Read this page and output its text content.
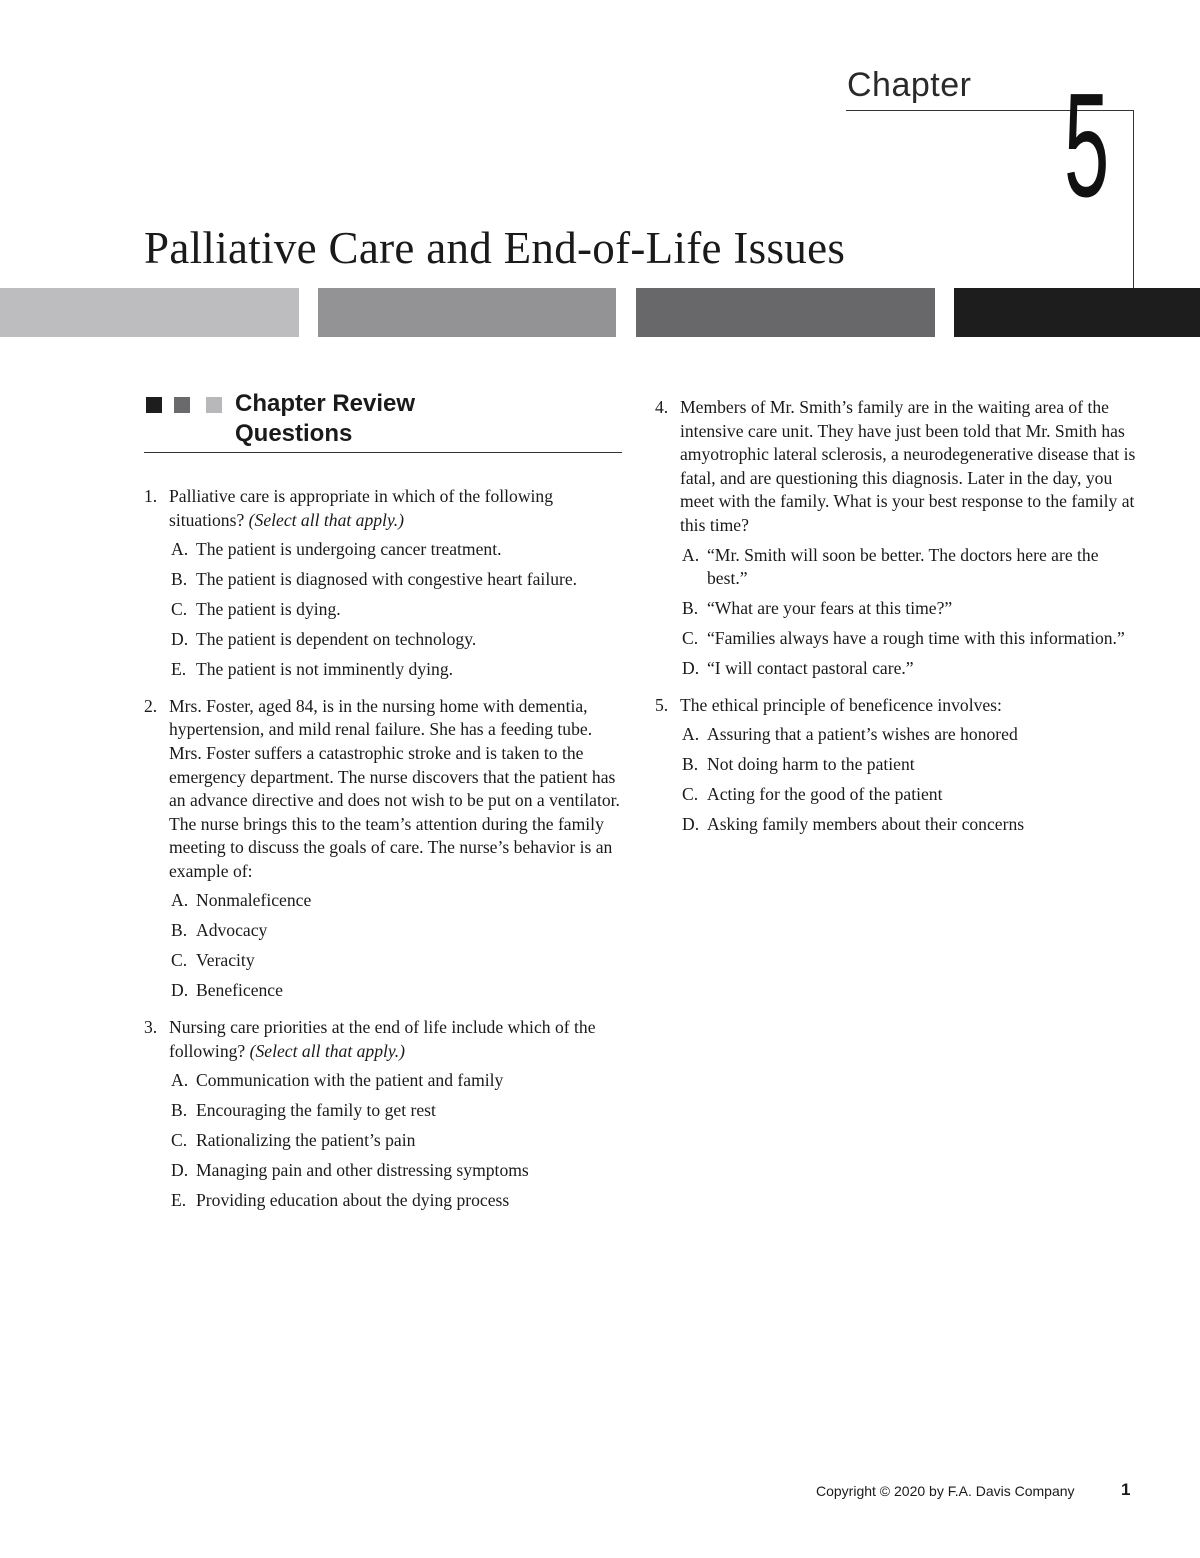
Chapter 5
Palliative Care and End-of-Life Issues
Chapter Review
Questions
1. Palliative care is appropriate in which of the following situations? (Select all that apply.)
A. The patient is undergoing cancer treatment.
B. The patient is diagnosed with congestive heart failure.
C. The patient is dying.
D. The patient is dependent on technology.
E. The patient is not imminently dying.
2. Mrs. Foster, aged 84, is in the nursing home with dementia, hypertension, and mild renal failure. She has a feeding tube. Mrs. Foster suffers a catastrophic stroke and is taken to the emergency department. The nurse discovers that the patient has an advance directive and does not wish to be put on a ventilator. The nurse brings this to the team’s attention during the family meeting to discuss the goals of care. The nurse’s behavior is an example of:
A. Nonmaleficence
B. Advocacy
C. Veracity
D. Beneficence
3. Nursing care priorities at the end of life include which of the following? (Select all that apply.)
A. Communication with the patient and family
B. Encouraging the family to get rest
C. Rationalizing the patient’s pain
D. Managing pain and other distressing symptoms
E. Providing education about the dying process
4. Members of Mr. Smith’s family are in the waiting area of the intensive care unit. They have just been told that Mr. Smith has amyotrophic lateral sclerosis, a neurodegenerative disease that is fatal, and are questioning this diagnosis. Later in the day, you meet with the family. What is your best response to the family at this time?
A. “Mr. Smith will soon be better. The doctors here are the best.”
B. “What are your fears at this time?”
C. “Families always have a rough time with this information.”
D. “I will contact pastoral care.”
5. The ethical principle of beneficence involves:
A. Assuring that a patient’s wishes are honored
B. Not doing harm to the patient
C. Acting for the good of the patient
D. Asking family members about their concerns
Copyright © 2020 by F.A. Davis Company	1
